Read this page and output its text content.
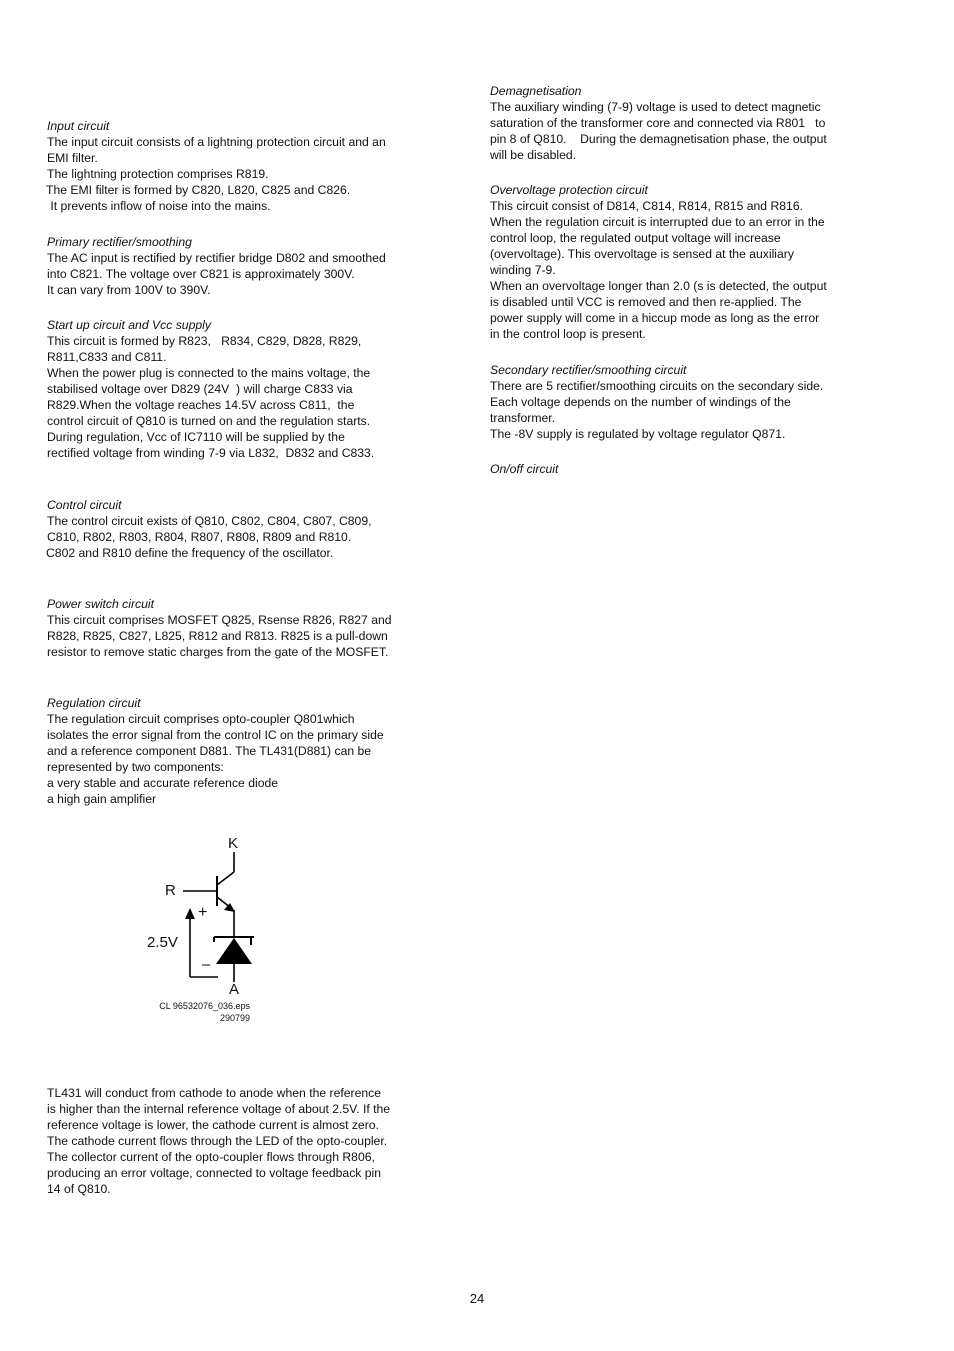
Input circuit

The input circuit consists of a lightning protection circuit and an

EMI filter.

The lightning protection comprises R819.

The EMI filter is formed by C820, L820, C825 and C826.

It prevents inflow of noise into the mains.

Primary rectifier/smoothing

The AC input is rectified by rectifier bridge D802 and smoothed

into C821. The voltage over C821 is approximately 300V.

It can vary from 100V to 390V.

Start up circuit and Vcc supply

This circuit is formed by R823,   R834, C829, D828, R829,

R811,C833 and C811.

When the power plug is connected to the mains voltage, the

stabilised voltage over D829 (24V  ) will charge C833 via

R829.When the voltage reaches 14.5V across C811,  the

control circuit of Q810 is turned on and the regulation starts.

During regulation, Vcc of IC7110 will be supplied by the

rectified voltage from winding 7-9 via L832,  D832 and C833.

Control circuit

The control circuit exists of Q810, C802, C804, C807, C809,

C810, R802, R803, R804, R807, R808, R809 and R810.

C802 and R810 define the frequency of the oscillator.

Power switch circuit

This circuit comprises MOSFET Q825, Rsense R826, R827 and

R828, R825, C827, L825, R812 and R813. R825 is a pull-down

resistor to remove static charges from the gate of the MOSFET.

Regulation circuit

The regulation circuit comprises opto-coupler Q801which

isolates the error signal from the control IC on the primary side

and a reference component D881. The TL431(D881) can be

represented by two components:

a very stable and accurate reference diode

a high gain amplifier

K
R
+
2.5V
–
A
CL 96532076_036.eps
290799

TL431 will conduct from cathode to anode when the reference

is higher than the internal reference voltage of about 2.5V. If the

reference voltage is lower, the cathode current is almost zero.

The cathode current flows through the LED of the opto-coupler.

The collector current of the opto-coupler flows through R806,

producing an error voltage, connected to voltage feedback pin

14 of Q810.

Demagnetisation

The auxiliary winding (7-9) voltage is used to detect magnetic

saturation of the transformer core and connected via R801   to

pin 8 of Q810.    During the demagnetisation phase, the output

will be disabled.

Overvoltage protection circuit

This circuit consist of D814, C814, R814, R815 and R816.

When the regulation circuit is interrupted due to an error in the

control loop, the regulated output voltage will increase

(overvoltage). This overvoltage is sensed at the auxiliary

winding 7-9.

When an overvoltage longer than 2.0 (s is detected, the output

is disabled until VCC is removed and then re-applied. The

power supply will come in a hiccup mode as long as the error

in the control loop is present.

Secondary rectifier/smoothing circuit

There are 5 rectifier/smoothing circuits on the secondary side.

Each voltage depends on the number of windings of the

transformer.

The -8V supply is regulated by voltage regulator Q871.

On/off circuit

24
